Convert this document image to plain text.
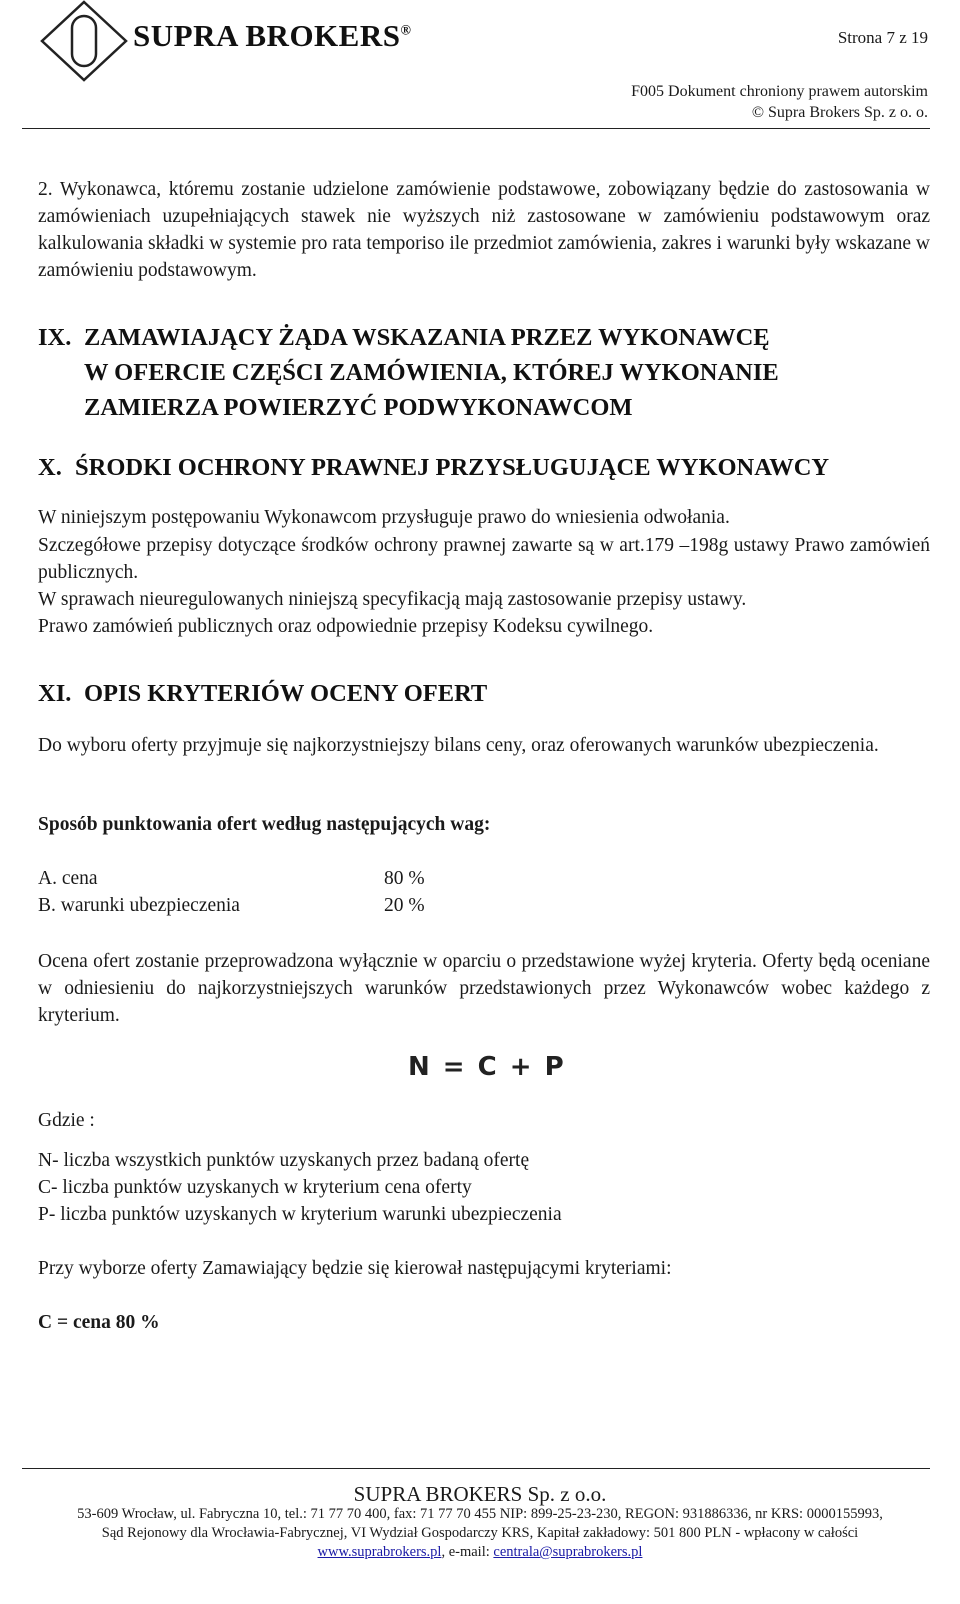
SUPRA BROKERS®	Strona 7 z 19
F005 Dokument chroniony prawem autorskim
© Supra Brokers Sp. z o. o.
2. Wykonawca, któremu zostanie udzielone zamówienie podstawowe, zobowiązany będzie do zastosowania w zamówieniach uzupełniających stawek nie wyższych niż zastosowane w zamówieniu podstawowym oraz kalkulowania składki w systemie pro rata temporiso ile przedmiot zamówienia, zakres i warunki były wskazane w zamówieniu podstawowym.
IX. ZAMAWIAJĄCY ŻĄDA WSKAZANIA PRZEZ WYKONAWCĘ
W OFERCIE CZĘŚCI ZAMÓWIENIA, KTÓREJ WYKONANIE
ZAMIERZA POWIERZYĆ PODWYKONAWCOM
X. ŚRODKI OCHRONY PRAWNEJ PRZYSŁUGUJĄCE WYKONAWCY
W niniejszym postępowaniu Wykonawcom przysługuje prawo do wniesienia odwołania.
Szczegółowe przepisy dotyczące środków ochrony prawnej zawarte są w art.179 –198g ustawy Prawo zamówień publicznych.
W sprawach nieuregulowanych niniejszą specyfikacją mają zastosowanie przepisy ustawy.
Prawo zamówień publicznych oraz odpowiednie przepisy Kodeksu cywilnego.
XI. OPIS KRYTERIÓW OCENY OFERT
Do wyboru oferty przyjmuje się najkorzystniejszy bilans ceny, oraz oferowanych warunków ubezpieczenia.
Sposób punktowania ofert według następujących wag:
A. cena	80 %
B. warunki ubezpieczenia	20 %
Ocena ofert zostanie przeprowadzona wyłącznie w oparciu o przedstawione wyżej kryteria. Oferty będą oceniane w odniesieniu do najkorzystniejszych warunków przedstawionych przez Wykonawców wobec każdego z kryterium.
N = C + P
Gdzie :
N- liczba wszystkich punktów uzyskanych przez badaną ofertę
C- liczba punktów uzyskanych w kryterium cena oferty
P- liczba punktów uzyskanych w kryterium warunki ubezpieczenia
Przy wyborze oferty Zamawiający będzie się kierował następującymi kryteriami:
C = cena 80 %
SUPRA BROKERS Sp. z o.o.
53-609 Wrocław, ul. Fabryczna 10, tel.: 71 77 70 400, fax: 71 77 70 455 NIP: 899-25-23-230, REGON: 931886336, nr KRS: 0000155993,
Sąd Rejonowy dla Wrocławia-Fabrycznej, VI Wydział Gospodarczy KRS, Kapitał zakładowy: 501 800 PLN - wpłacony w całości
www.suprabrokers.pl, e-mail: centrala@suprabrokers.pl
